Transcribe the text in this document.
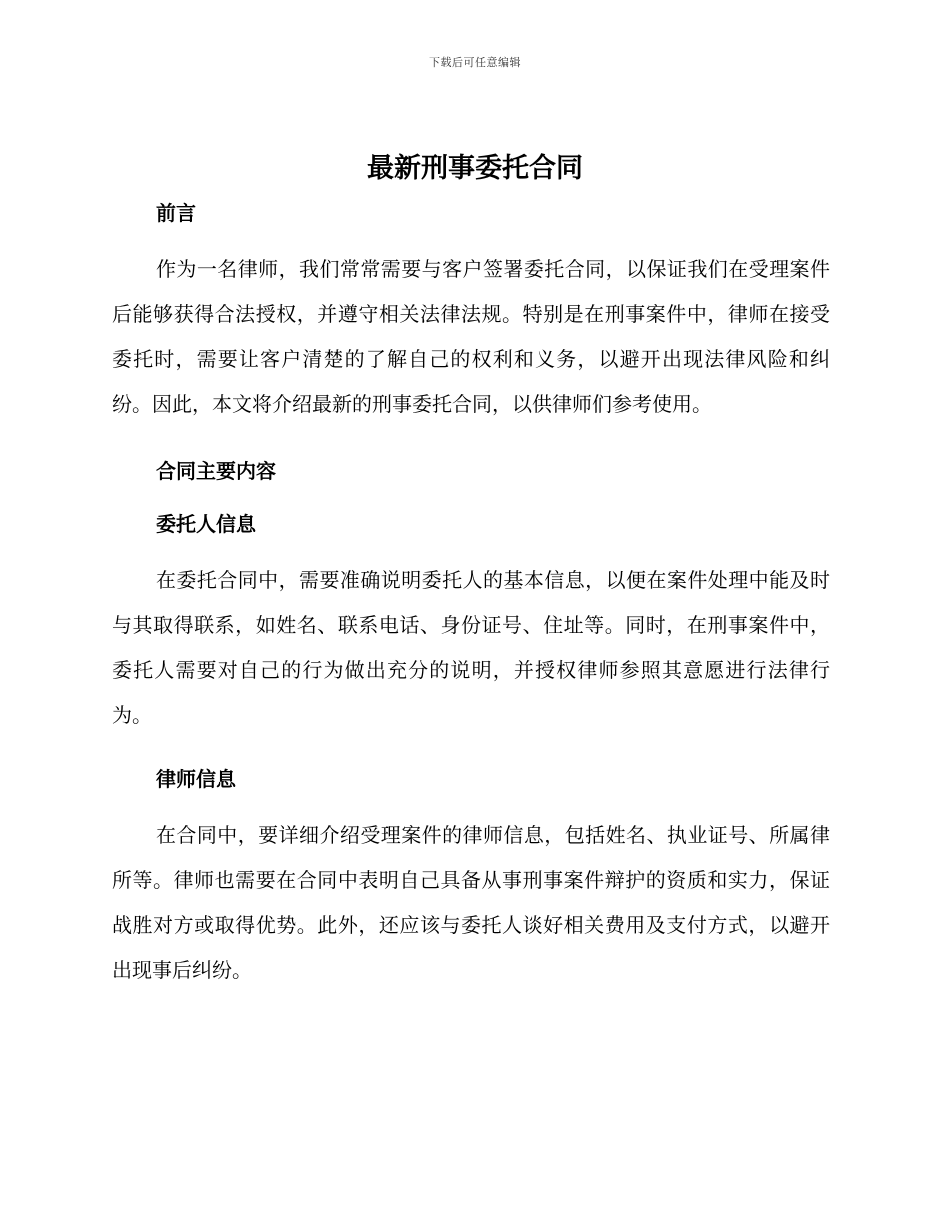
下载后可任意编辑
最新刑事委托合同

前言

作为一名律师，我们常常需要与客户签署委托合同，以保证我们在受理案件后能够获得合法授权，并遵守相关法律法规。特别是在刑事案件中，律师在接受委托时，需要让客户清楚的了解自己的权利和义务，以避开出现法律风险和纠纷。因此，本文将介绍最新的刑事委托合同，以供律师们参考使用。

合同主要内容

委托人信息

在委托合同中，需要准确说明委托人的基本信息，以便在案件处理中能及时与其取得联系，如姓名、联系电话、身份证号、住址等。同时，在刑事案件中，委托人需要对自己的行为做出充分的说明，并授权律师参照其意愿进行法律行为。

律师信息

在合同中，要详细介绍受理案件的律师信息，包括姓名、执业证号、所属律所等。律师也需要在合同中表明自己具备从事刑事案件辩护的资质和实力，保证战胜对方或取得优势。此外，还应该与委托人谈好相关费用及支付方式，以避开出现事后纠纷。
